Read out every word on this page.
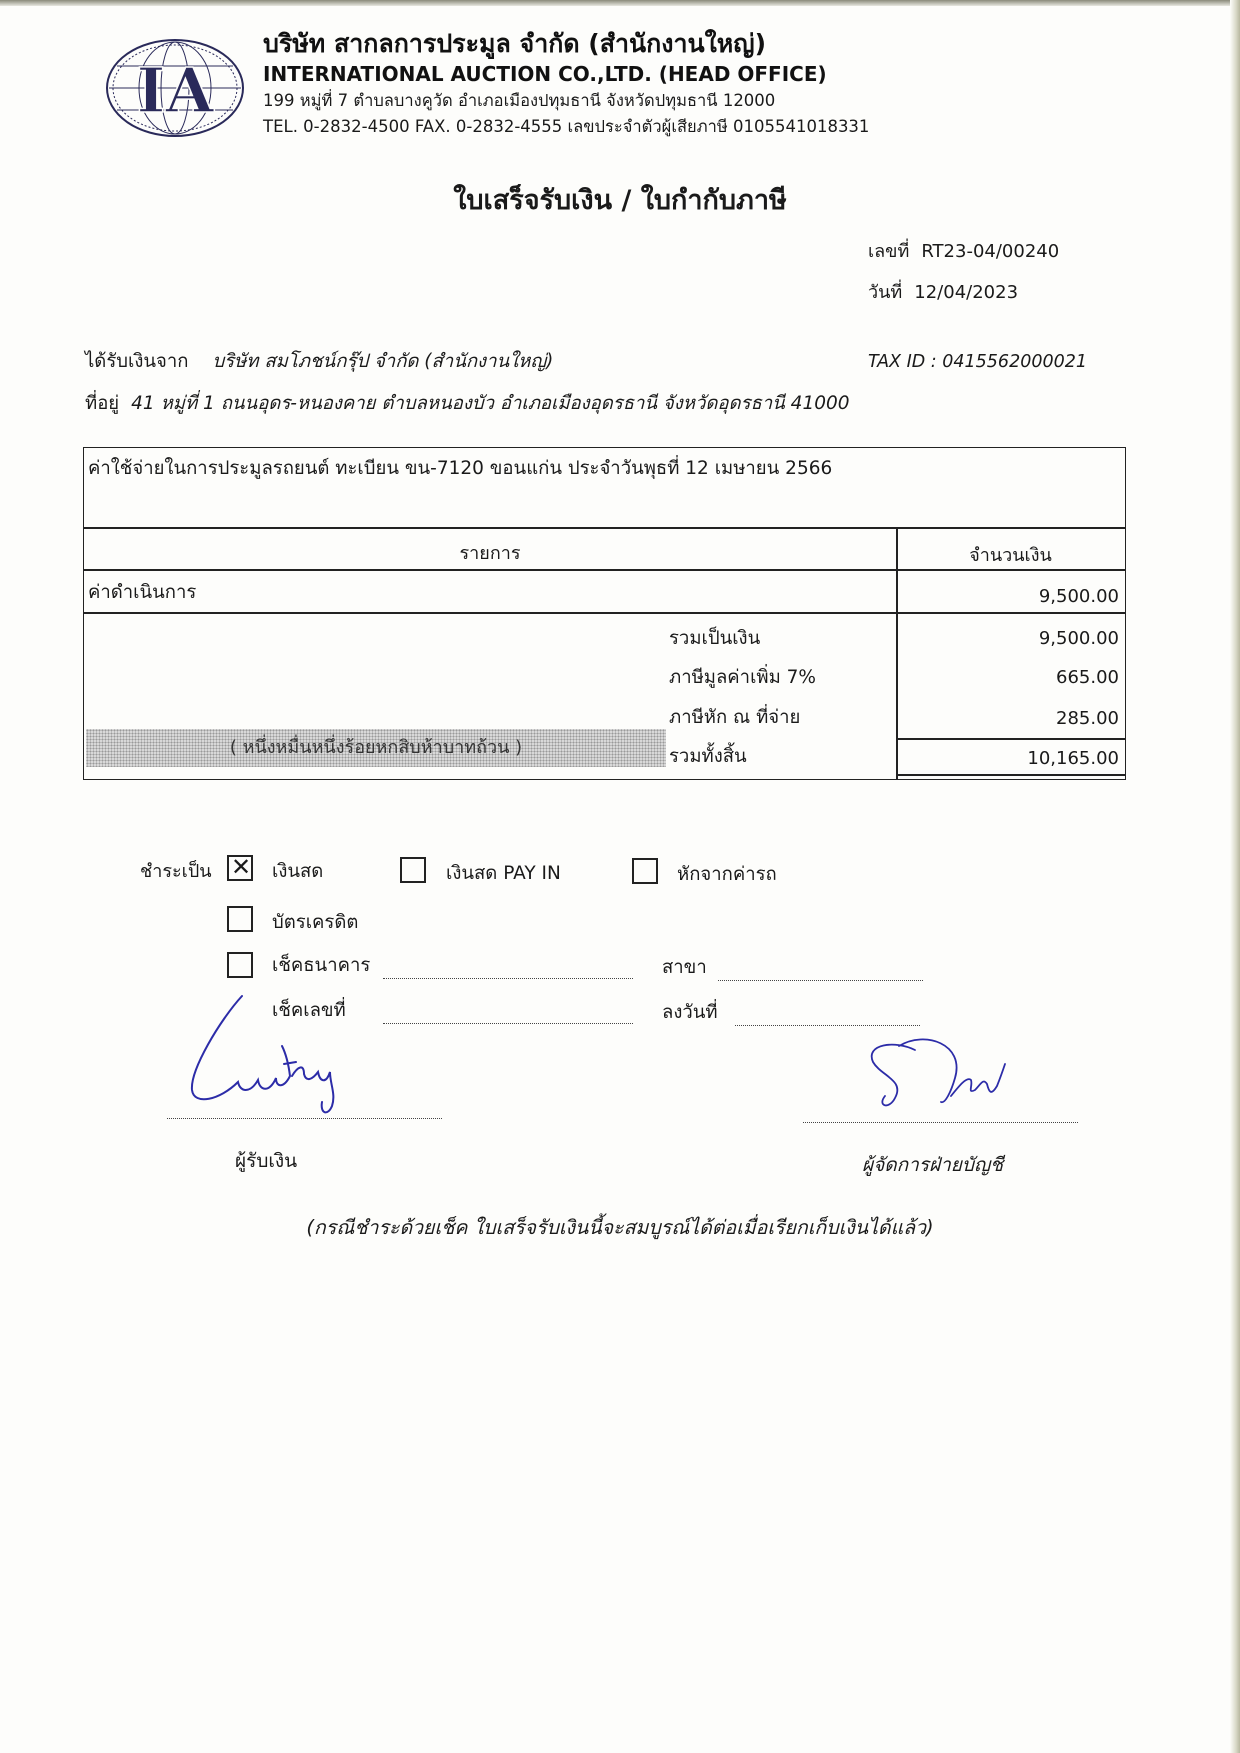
IA
บริษัท สากลการประมูล จำกัด (สำนักงานใหญ่)
INTERNATIONAL AUCTION CO.,LTD. (HEAD OFFICE)
199 หมู่ที่ 7 ตำบลบางคูวัด อำเภอเมืองปทุมธานี จังหวัดปทุมธานี 12000
TEL. 0-2832-4500 FAX. 0-2832-4555 เลขประจำตัวผู้เสียภาษี 0105541018331
ใบเสร็จรับเงิน / ใบกำกับภาษี
เลขที่ RT23-04/00240
วันที่ 12/04/2023
ได้รับเงินจาก บริษัท สมโภชน์กรุ๊ป จำกัด (สำนักงานใหญ่)	TAX ID : 0415562000021
ที่อยู่ 41 หมู่ที่ 1 ถนนอุดร-หนองคาย ตำบลหนองบัว อำเภอเมืองอุดรธานี จังหวัดอุดรธานี 41000
ค่าใช้จ่ายในการประมูลรถยนต์ ทะเบียน ขน-7120 ขอนแก่น ประจำวันพุธที่ 12 เมษายน 2566
รายการ	จำนวนเงิน
ค่าดำเนินการ	9,500.00
รวมเป็นเงิน	9,500.00
ภาษีมูลค่าเพิ่ม 7%	665.00
ภาษีหัก ณ ที่จ่าย	285.00
( หนึ่งหมื่นหนึ่งร้อยหกสิบห้าบาทถ้วน )	รวมทั้งสิ้น	10,165.00
ชำระเป็น ✕ เงินสด	เงินสด PAY IN	หักจากค่ารถ
บัตรเครดิต
เช็คธนาคาร	สาขา
เช็คเลขที่	ลงวันที่
ผู้รับเงิน	ผู้จัดการฝ่ายบัญชี
(กรณีชำระด้วยเช็ค ใบเสร็จรับเงินนี้จะสมบูรณ์ได้ต่อเมื่อเรียกเก็บเงินได้แล้ว)
